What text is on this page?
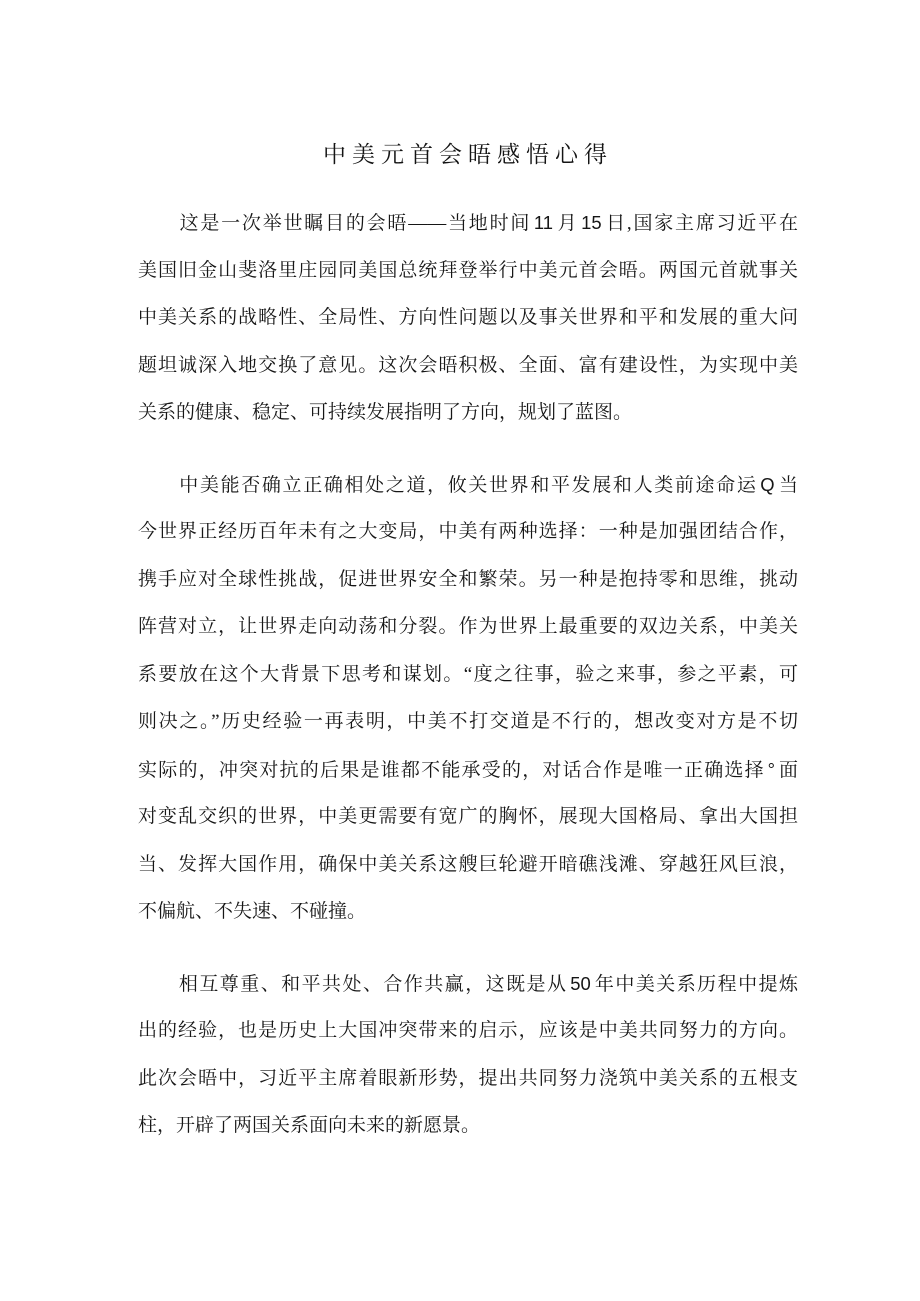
中美元首会晤感悟心得
　　这是一次举世瞩目的会晤——当地时间 11 月 15 日,国家主席习近平在
美国旧金山斐洛里庄园同美国总统拜登举行中美元首会晤。两国元首就事关
中美关系的战略性、全局性、方向性问题以及事关世界和平和发展的重大问
题坦诚深入地交换了意见。这次会晤积极、全面、富有建设性，为实现中美
关系的健康、稳定、可持续发展指明了方向，规划了蓝图。
　　中美能否确立正确相处之道，攸关世界和平发展和人类前途命运 Q 当
今世界正经历百年未有之大变局，中美有两种选择：一种是加强团结合作，
携手应对全球性挑战，促进世界安全和繁荣。另一种是抱持零和思维，挑动
阵营对立，让世界走向动荡和分裂。作为世界上最重要的双边关系，中美关
系要放在这个大背景下思考和谋划。“度之往事，验之来事，参之平素，可
则决之。”历史经验一再表明，中美不打交道是不行的，想改变对方是不切
实际的，冲突对抗的后果是谁都不能承受的，对话合作是唯一正确选择 ° 面
对变乱交织的世界，中美更需要有宽广的胸怀，展现大国格局、拿出大国担
当、发挥大国作用，确保中美关系这艘巨轮避开暗礁浅滩、穿越狂风巨浪，
不偏航、不失速、不碰撞。
　　相互尊重、和平共处、合作共赢，这既是从 50 年中美关系历程中提炼
出的经验，也是历史上大国冲突带来的启示，应该是中美共同努力的方向。
此次会晤中，习近平主席着眼新形势，提出共同努力浇筑中美关系的五根支
柱，开辟了两国关系面向未来的新愿景。
